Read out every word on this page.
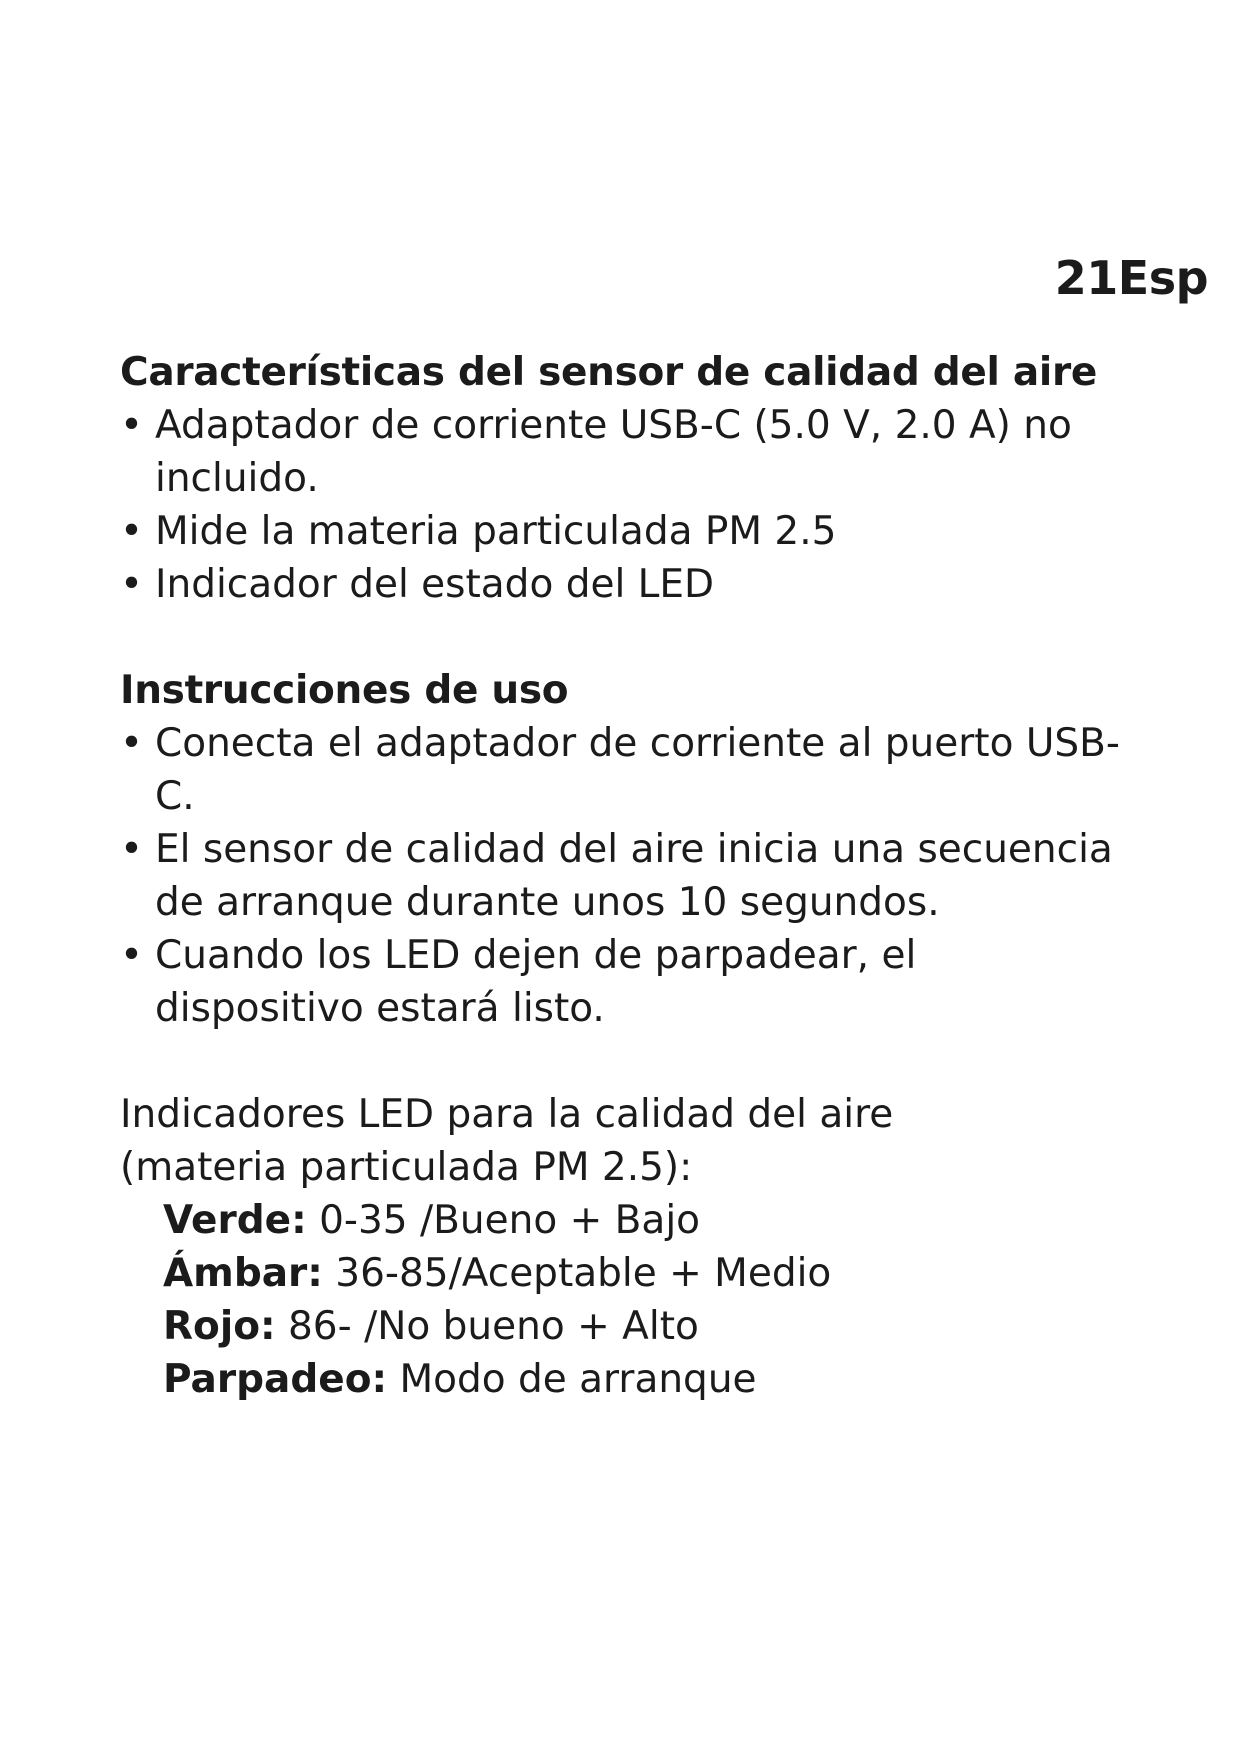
21Esp
Características del sensor de calidad del aire
• Adaptador de corriente USB-C (5.0 V, 2.0 A) no incluido.
• Mide la materia particulada PM 2.5
• Indicador del estado del LED
Instrucciones de uso
• Conecta el adaptador de corriente al puerto USB-C.
• El sensor de calidad del aire inicia una secuencia de arranque durante unos 10 segundos.
• Cuando los LED dejen de parpadear, el dispositivo estará listo.
Indicadores LED para la calidad del aire
(materia particulada PM 2.5):
Verde: 0-35 /Bueno + Bajo
Ámbar: 36-85/Aceptable + Medio
Rojo: 86- /No bueno + Alto
Parpadeo: Modo de arranque
